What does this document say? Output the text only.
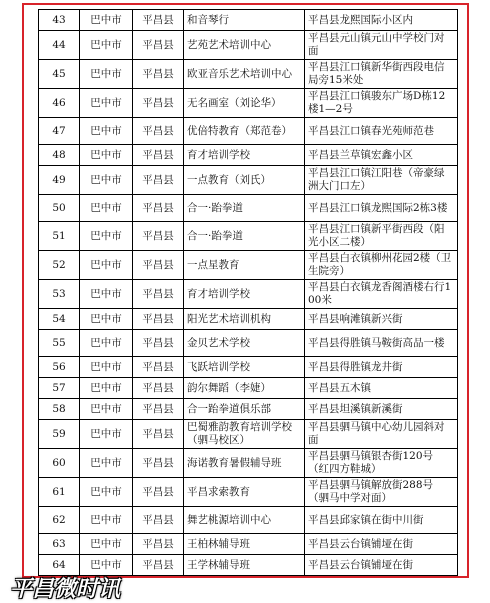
43	巴中市	平昌县	和音琴行	平昌县龙熙国际小区内
44	巴中市	平昌县	艺苑艺术培训中心	平昌县元山镇元山中学校门对面
45	巴中市	平昌县	欧亚音乐艺术培训中心	平昌县江口镇新华街西段电信局旁15米处
46	巴中市	平昌县	无名画室（刘论华）	平昌县江口镇骏东广场D栋12楼1—2号
47	巴中市	平昌县	优倍特教育（郑范卷）	平昌县江口镇春光苑师范巷
48	巴中市	平昌县	育才培训学校	平昌县兰草镇宏鑫小区
49	巴中市	平昌县	一点教育（刘氏）	平昌县江口镇江阳巷（帝豪绿洲大门口左）
50	巴中市	平昌县	合一·跆拳道	平昌县江口镇龙熙国际2栋3楼
51	巴中市	平昌县	合一·跆拳道	平昌县江口镇新平街西段（阳光小区二楼）
52	巴中市	平昌县	一点星教育	平昌县白衣镇柳州花园2楼（卫生院旁）
53	巴中市	平昌县	育才培训学校	平昌县白衣镇龙香阁酒楼右行100米
54	巴中市	平昌县	阳光艺术培训机构	平昌县响滩镇新兴街
55	巴中市	平昌县	金贝艺术学校	平昌县得胜镇马鞍街高品一楼
56	巴中市	平昌县	飞跃培训学校	平昌县得胜镇龙井街
57	巴中市	平昌县	韵尔舞蹈（李婕）	平昌县五木镇
58	巴中市	平昌县	合一跆拳道俱乐部	平昌县坦溪镇新溪街
59	巴中市	平昌县	巴蜀雅韵教育培训学校（驷马校区）	平昌县驷马镇中心幼儿园斜对面
60	巴中市	平昌县	海诺教育暑假辅导班	平昌县驷马镇银杏街120号（红四方鞋城）
61	巴中市	平昌县	平昌求索教育	平昌县驷马镇解放街288号（驷马中学对面）
62	巴中市	平昌县	舞艺桃源培训中心	平昌县邱家镇在街中川街
63	巴中市	平昌县	王柏林辅导班	平昌县云台镇铺垭在街
64	巴中市	平昌县	王学林辅导班	平昌县云台镇铺垭在街
平昌微时讯
